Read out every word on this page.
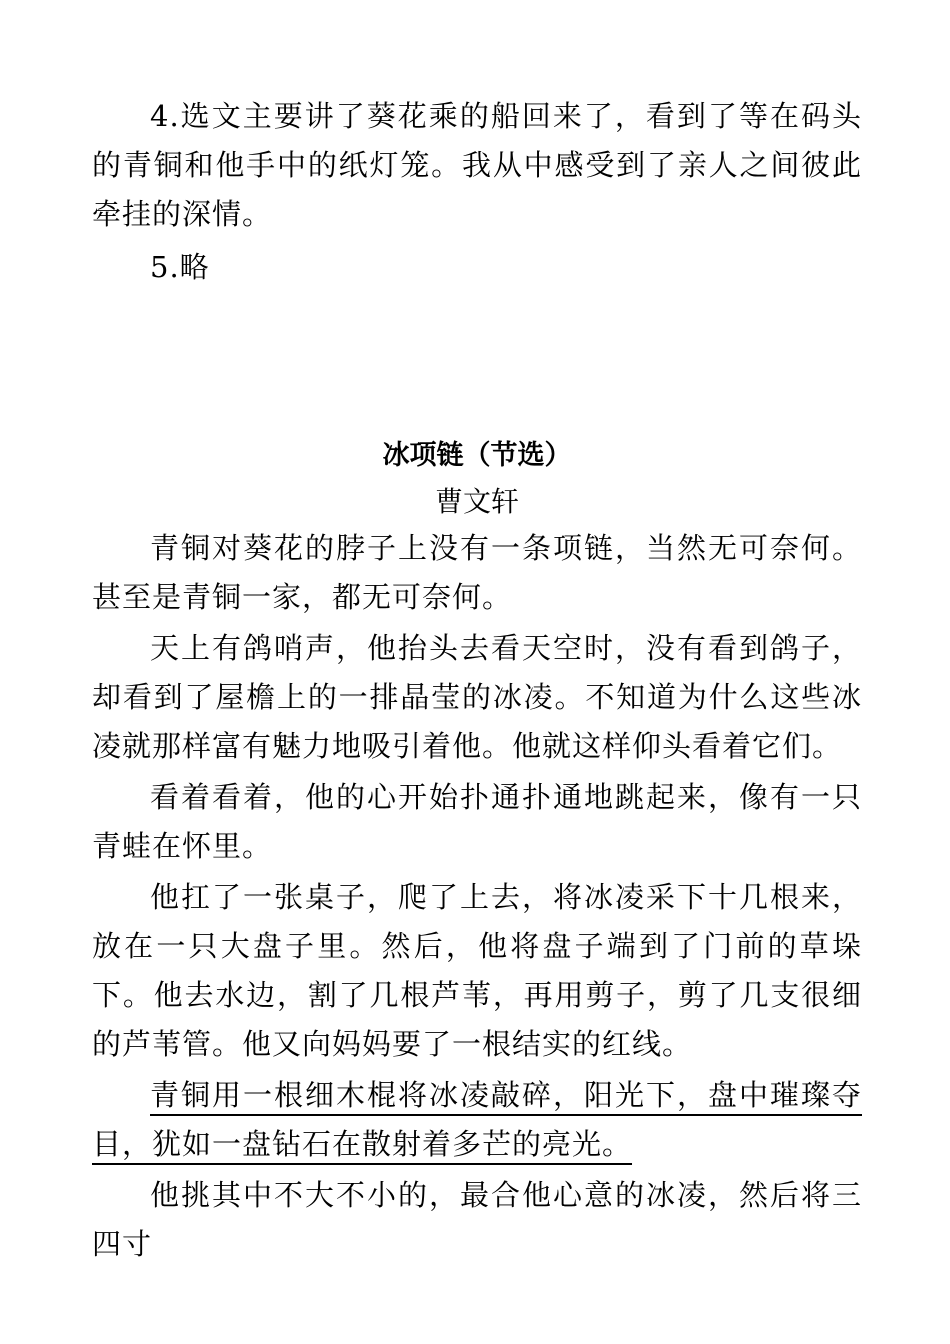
4.选文主要讲了葵花乘的船回来了，看到了等在码头的青铜和他手中的纸灯笼。我从中感受到了亲人之间彼此牵挂的深情。

5.略

冰项链（节选）

曹文轩

青铜对葵花的脖子上没有一条项链，当然无可奈何。甚至是青铜一家，都无可奈何。

天上有鸽哨声，他抬头去看天空时，没有看到鸽子，却看到了屋檐上的一排晶莹的冰凌。不知道为什么这些冰凌就那样富有魅力地吸引着他。他就这样仰头看着它们。

看着看着，他的心开始扑通扑通地跳起来，像有一只青蛙在怀里。

他扛了一张桌子，爬了上去，将冰凌采下十几根来，放在一只大盘子里。然后，他将盘子端到了门前的草垛下。他去水边，割了几根芦苇，再用剪子，剪了几支很细的芦苇管。他又向妈妈要了一根结实的红线。

青铜用一根细木棍将冰凌敲碎，阳光下，盘中璀璨夺目，犹如一盘钻石在散射着多芒的亮光。

他挑其中不大不小的，最合他心意的冰凌，然后将三四寸
